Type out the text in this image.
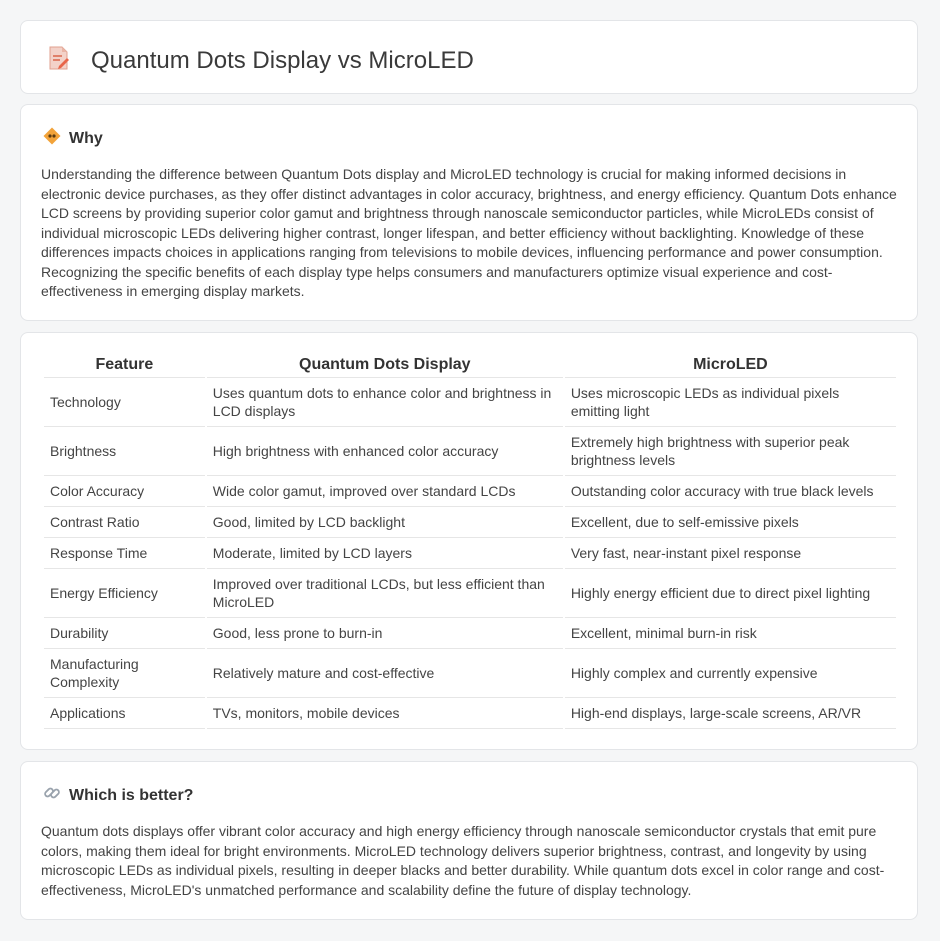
Quantum Dots Display vs MicroLED
Why

Understanding the difference between Quantum Dots display and MicroLED technology is crucial for making informed decisions in electronic device purchases, as they offer distinct advantages in color accuracy, brightness, and energy efficiency. Quantum Dots enhance LCD screens by providing superior color gamut and brightness through nanoscale semiconductor particles, while MicroLEDs consist of individual microscopic LEDs delivering higher contrast, longer lifespan, and better efficiency without backlighting. Knowledge of these differences impacts choices in applications ranging from televisions to mobile devices, influencing performance and power consumption. Recognizing the specific benefits of each display type helps consumers and manufacturers optimize visual experience and cost-effectiveness in emerging display markets.

Feature	Quantum Dots Display	MicroLED
Technology	Uses quantum dots to enhance color and brightness in LCD displays	Uses microscopic LEDs as individual pixels emitting light
Brightness	High brightness with enhanced color accuracy	Extremely high brightness with superior peak brightness levels
Color Accuracy	Wide color gamut, improved over standard LCDs	Outstanding color accuracy with true black levels
Contrast Ratio	Good, limited by LCD backlight	Excellent, due to self-emissive pixels
Response Time	Moderate, limited by LCD layers	Very fast, near-instant pixel response
Energy Efficiency	Improved over traditional LCDs, but less efficient than MicroLED	Highly energy efficient due to direct pixel lighting
Durability	Good, less prone to burn-in	Excellent, minimal burn-in risk
Manufacturing Complexity	Relatively mature and cost-effective	Highly complex and currently expensive
Applications	TVs, monitors, mobile devices	High-end displays, large-scale screens, AR/VR
Which is better?

Quantum dots displays offer vibrant color accuracy and high energy efficiency through nanoscale semiconductor crystals that emit pure colors, making them ideal for bright environments. MicroLED technology delivers superior brightness, contrast, and longevity by using microscopic LEDs as individual pixels, resulting in deeper blacks and better durability. While quantum dots excel in color range and cost-effectiveness, MicroLED's unmatched performance and scalability define the future of display technology.
